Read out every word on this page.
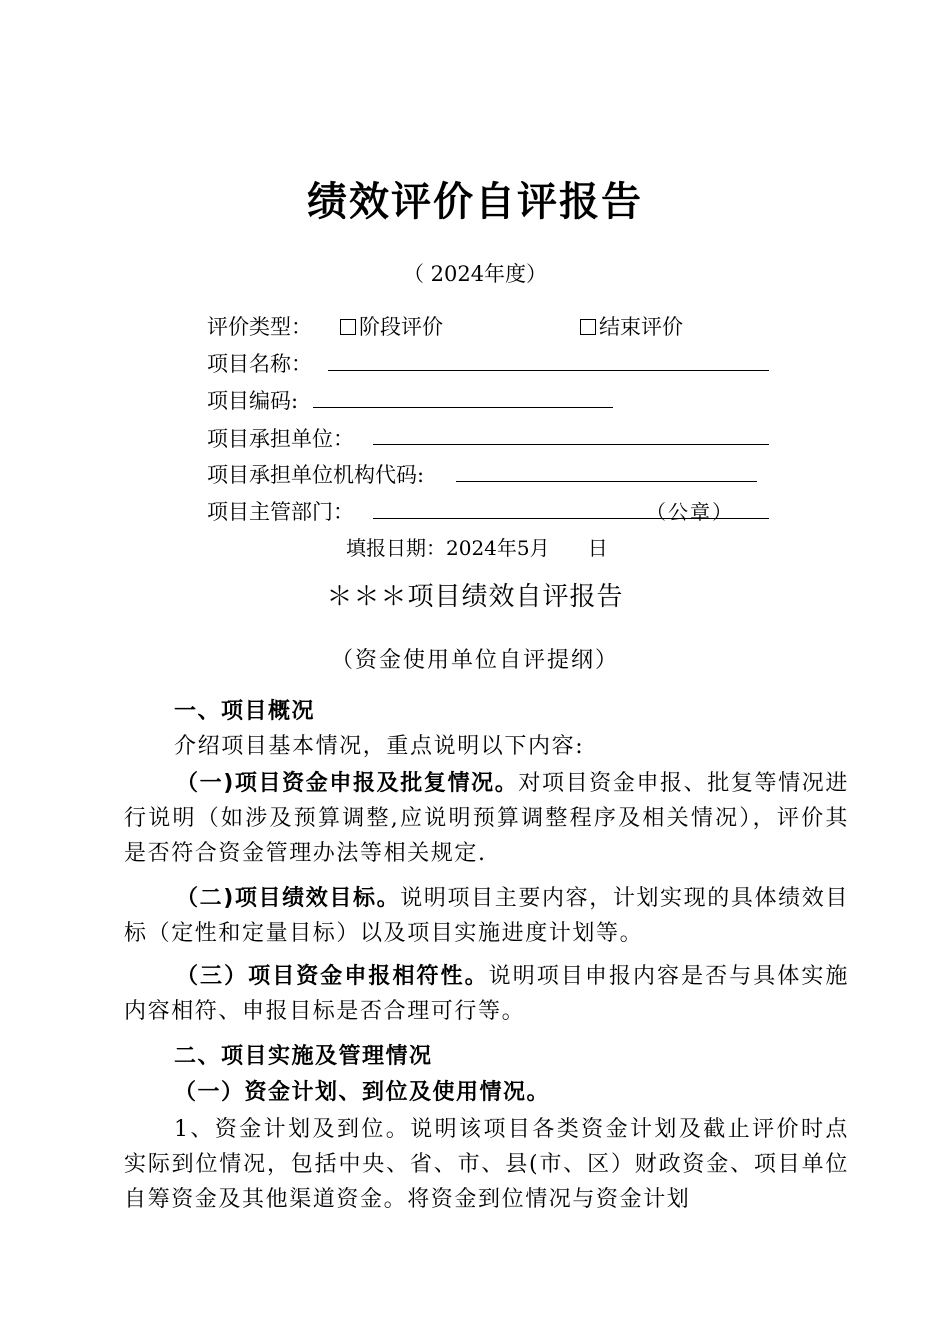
绩效评价自评报告
（ 2024年度）
评价类型：	阶段评价	结束评价
项目名称：
项目编码:
项目承担单位：
项目承担单位机构代码:
项目主管部门：	（公章）
填报日期：2024年5月      日
＊＊＊项目绩效自评报告
（资金使用单位自评提纲）
一、项目概况
介绍项目基本情况，重点说明以下内容:
（一)项目资金申报及批复情况。对项目资金申报、批复等情况进行说明（如涉及预算调整,应说明预算调整程序及相关情况），评价其是否符合资金管理办法等相关规定.
（二)项目绩效目标。说明项目主要内容，计划实现的具体绩效目标（定性和定量目标）以及项目实施进度计划等。
（三）项目资金申报相符性。说明项目申报内容是否与具体实施内容相符、申报目标是否合理可行等。
二、项目实施及管理情况
（一）资金计划、到位及使用情况。
1、资金计划及到位。说明该项目各类资金计划及截止评价时点实际到位情况，包括中央、省、市、县(市、区）财政资金、项目单位自筹资金及其他渠道资金。将资金到位情况与资金计划
